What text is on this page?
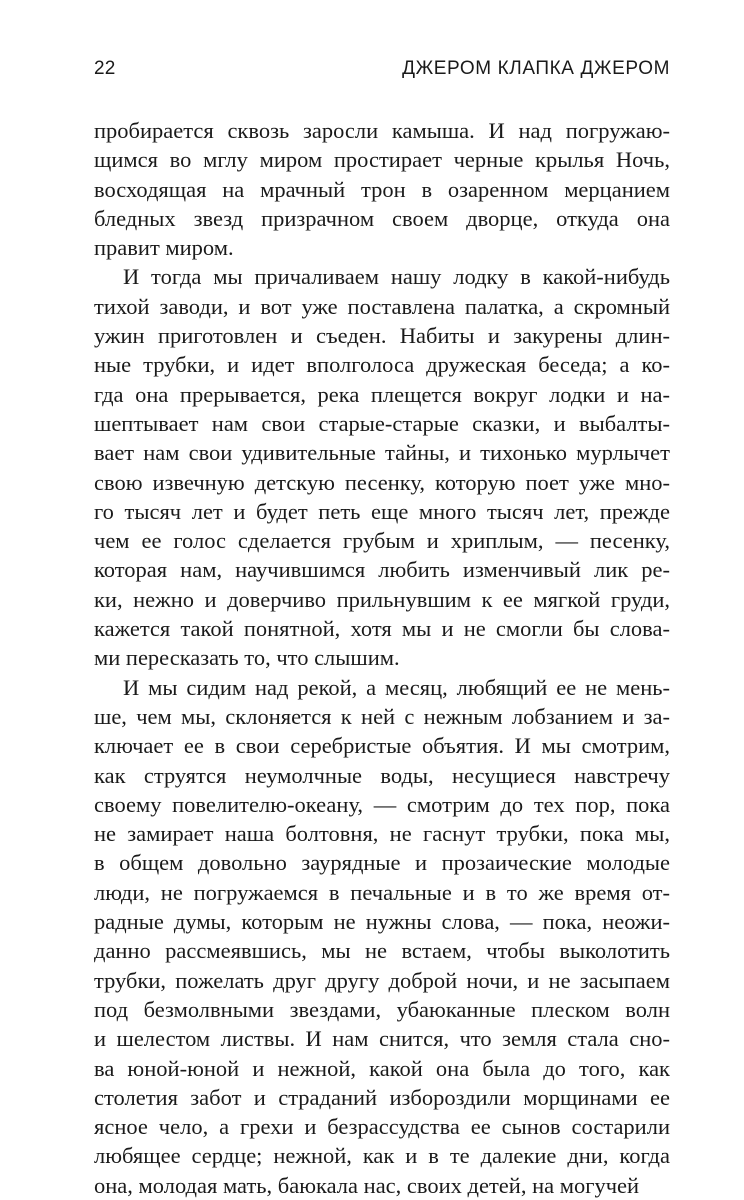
22	ДЖЕРОМ КЛАПКА ДЖЕРОМ
пробирается сквозь заросли камыша. И над погружаю-
щимся во мглу миром простирает черные крылья Ночь,
восходящая на мрачный трон в озаренном мерцанием
бледных звезд призрачном своем дворце, откуда она
правит миром.
И тогда мы причаливаем нашу лодку в какой-нибудь
тихой заводи, и вот уже поставлена палатка, а скромный
ужин приготовлен и съеден. Набиты и закурены длин-
ные трубки, и идет вполголоса дружеская беседа; а ко-
гда она прерывается, река плещется вокруг лодки и на-
шептывает нам свои старые-старые сказки, и выбалты-
вает нам свои удивительные тайны, и тихонько мурлычет
свою извечную детскую песенку, которую поет уже мно-
го тысяч лет и будет петь еще много тысяч лет, прежде
чем ее голос сделается грубым и хриплым, — песенку,
которая нам, научившимся любить изменчивый лик ре-
ки, нежно и доверчиво прильнувшим к ее мягкой груди,
кажется такой понятной, хотя мы и не смогли бы слова-
ми пересказать то, что слышим.
И мы сидим над рекой, а месяц, любящий ее не мень-
ше, чем мы, склоняется к ней с нежным лобзанием и за-
ключает ее в свои серебристые объятия. И мы смотрим,
как струятся неумолчные воды, несущиеся навстречу
своему повелителю-океану, — смотрим до тех пор, пока
не замирает наша болтовня, не гаснут трубки, пока мы,
в общем довольно заурядные и прозаические молодые
люди, не погружаемся в печальные и в то же время от-
радные думы, которым не нужны слова, — пока, неожи-
данно рассмеявшись, мы не встаем, чтобы выколотить
трубки, пожелать друг другу доброй ночи, и не засыпаем
под безмолвными звездами, убаюканные плеском волн
и шелестом листвы. И нам снится, что земля стала сно-
ва юной-юной и нежной, какой она была до того, как
столетия забот и страданий избороздили морщинами ее
ясное чело, а грехи и безрассудства ее сынов состарили
любящее сердце; нежной, как и в те далекие дни, когда
она, молодая мать, баюкала нас, своих детей, на могучей
